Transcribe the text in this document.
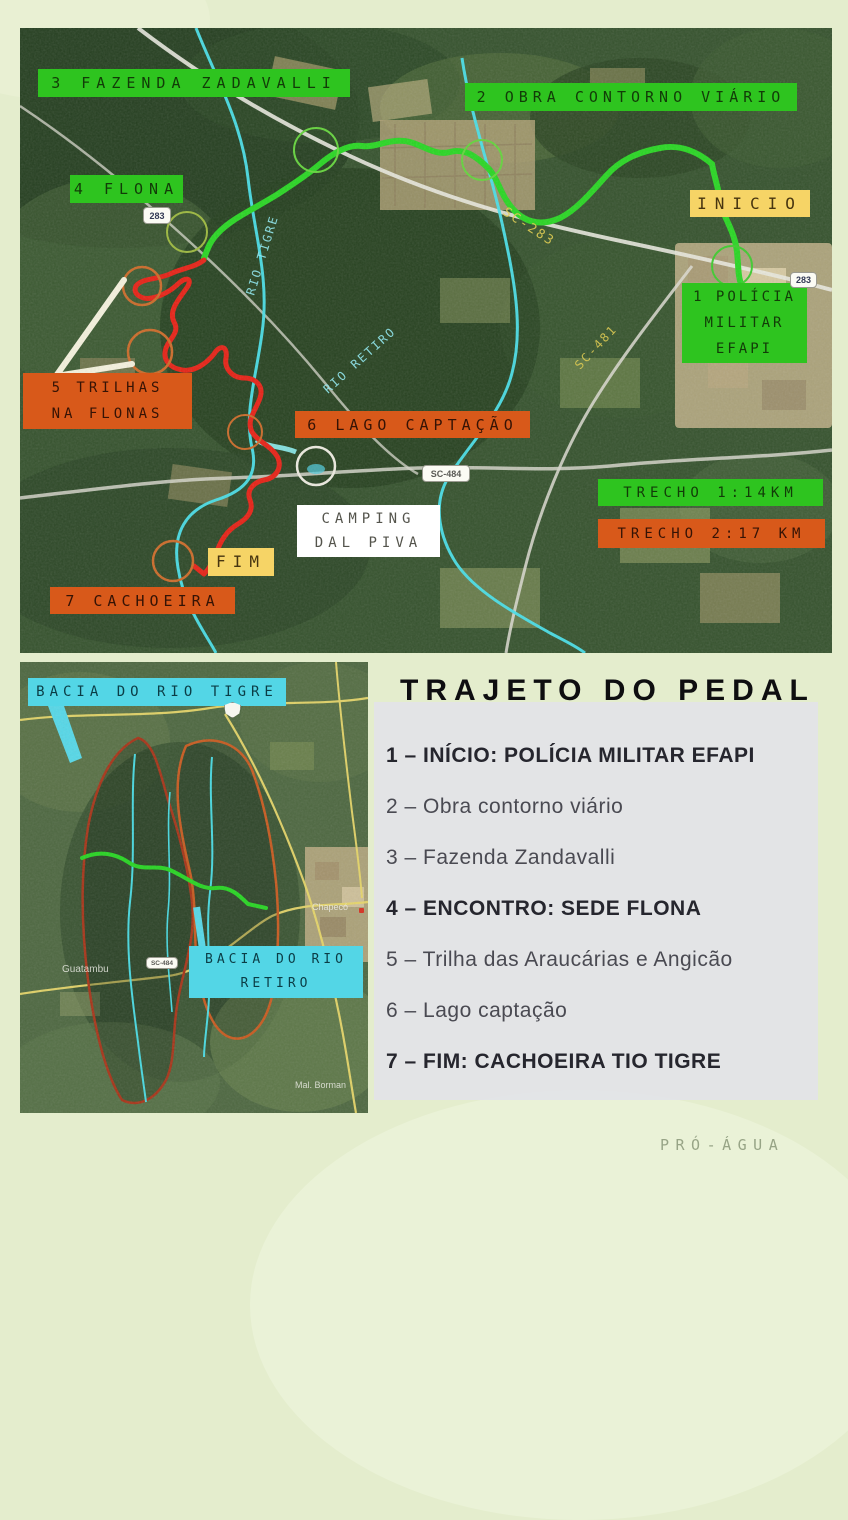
3 FAZENDA ZADAVALLI
2 OBRA CONTORNO VIÁRIO
4 FLONA
INICIO
1 POLÍCIA
MILITAR
EFAPI
5 TRILHAS
NA FLONAS
6 LAGO CAPTAÇÃO
CAMPING
DAL PIVA
FIM
7 CACHOEIRA
TRECHO 1:14KM
TRECHO 2:17 KM
283
283
SC-484
BACIA DO RIO TIGRE
BACIA DO RIO
RETIRO
Guatambu
Chapecó
Mal. Borman
SC-484
TRAJETO DO PEDAL
1 – INÍCIO: POLÍCIA MILITAR EFAPI
2 – Obra contorno viário
3 – Fazenda Zandavalli
4 – ENCONTRO: SEDE FLONA
5 – Trilha das Araucárias e Angicão
6 – Lago captação
7 – FIM: CACHOEIRA TIO TIGRE
PRÓ-ÁGUA
